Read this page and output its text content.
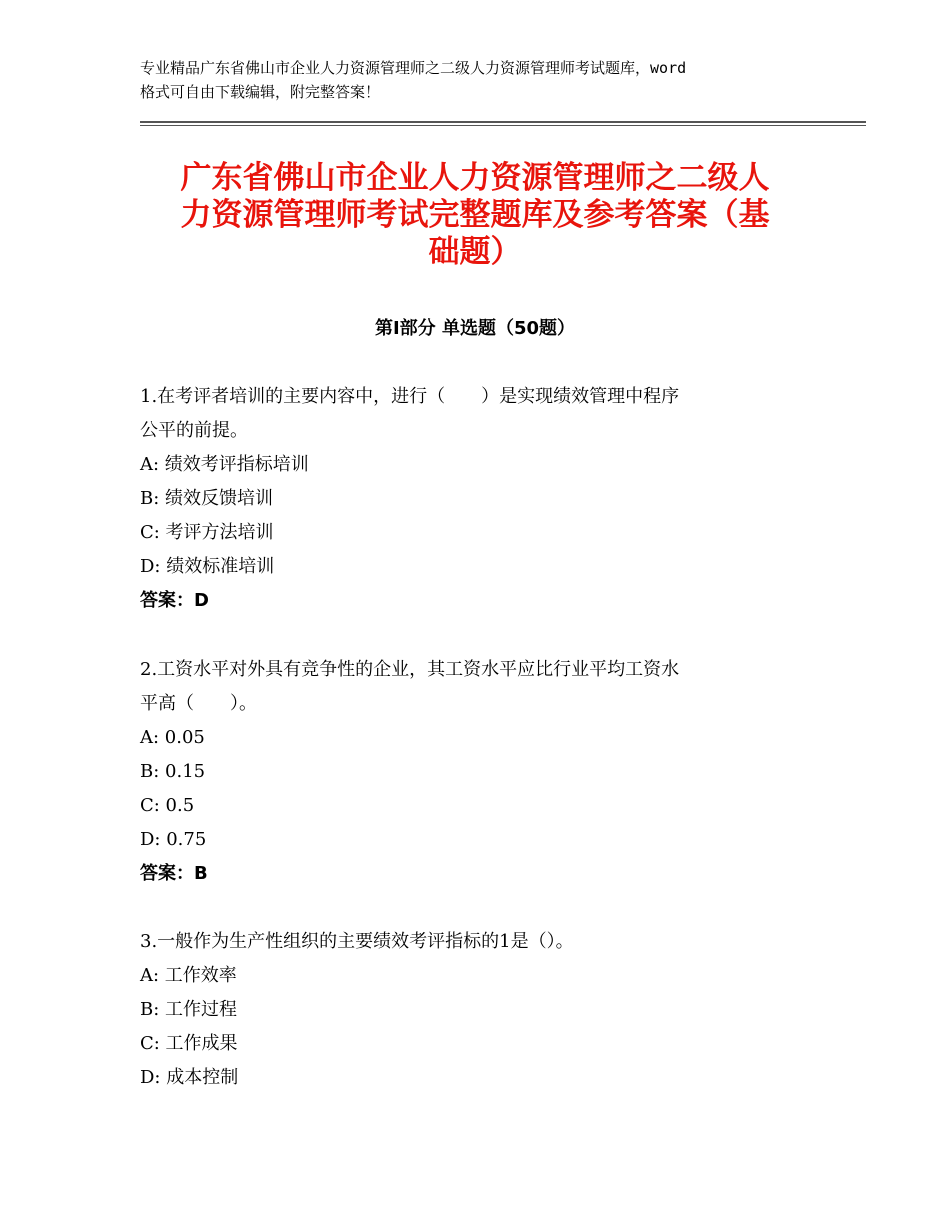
专业精品广东省佛山市企业人力资源管理师之二级人力资源管理师考试题库，word
格式可自由下载编辑，附完整答案！
广东省佛山市企业人力资源管理师之二级人
力资源管理师考试完整题库及参考答案（基
础题）
第Ⅰ部分 单选题（50题）
1.在考评者培训的主要内容中，进行（　　）是实现绩效管理中程序
公平的前提。
A: 绩效考评指标培训
B: 绩效反馈培训
C: 考评方法培训
D: 绩效标准培训
答案：D
2.工资水平对外具有竞争性的企业，其工资水平应比行业平均工资水
平高（　　）。
A: 0.05
B: 0.15
C: 0.5
D: 0.75
答案：B
3.一般作为生产性组织的主要绩效考评指标的1是（）。
A: 工作效率
B: 工作过程
C: 工作成果
D: 成本控制
